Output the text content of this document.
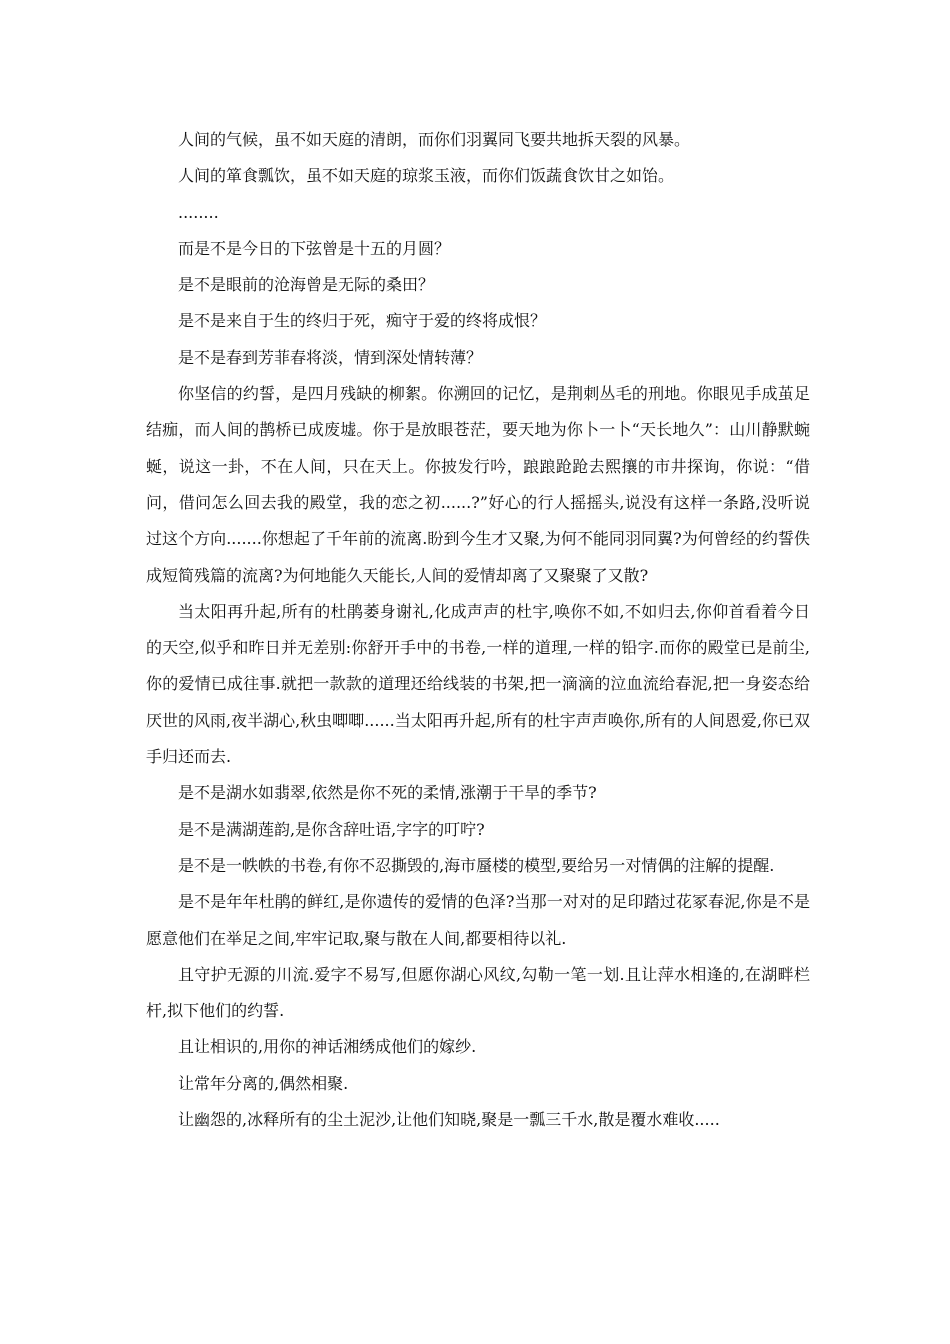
人间的气候，虽不如天庭的清朗，而你们羽翼同飞要共地拆天裂的风暴。

人间的箪食瓢饮，虽不如天庭的琼浆玉液，而你们饭蔬食饮甘之如饴。

........

而是不是今日的下弦曾是十五的月圆？

是不是眼前的沧海曾是无际的桑田？

是不是来自于生的终归于死，痴守于爱的终将成恨？

是不是春到芳菲春将淡，情到深处情转薄？

你坚信的约誓，是四月残缺的柳絮。你溯回的记忆，是荆刺丛毛的刑地。你眼见手成茧足结痂，而人间的鹊桥已成废墟。你于是放眼苍茫，要天地为你卜一卜“天长地久”：山川静默蜿蜒，说这一卦，不在人间，只在天上。你披发行吟，踉踉跄跄去熙攘的市井探询，你说：“借问，借问怎么回去我的殿堂，我的恋之初......?”好心的行人摇摇头,说没有这样一条路,没听说过这个方向.......你想起了千年前的流离.盼到今生才又聚,为何不能同羽同翼?为何曾经的约誓佚成短简残篇的流离?为何地能久天能长,人间的爱情却离了又聚聚了又散?

当太阳再升起,所有的杜鹃萎身谢礼,化成声声的杜宇,唤你不如,不如归去,你仰首看着今日的天空,似乎和昨日并无差别:你舒开手中的书卷,一样的道理,一样的铅字.而你的殿堂已是前尘,你的爱情已成往事.就把一款款的道理还给线装的书架,把一滴滴的泣血流给春泥,把一身姿态给厌世的风雨,夜半湖心,秋虫唧唧......当太阳再升起,所有的杜宇声声唤你,所有的人间恩爱,你已双手归还而去.

是不是湖水如翡翠,依然是你不死的柔情,涨潮于干旱的季节?

是不是满湖莲韵,是你含辞吐语,字字的叮咛?

是不是一帙帙的书卷,有你不忍撕毁的,海市蜃楼的模型,要给另一对情偶的注解的提醒.

是不是年年杜鹃的鲜红,是你遗传的爱情的色泽?当那一对对的足印踏过花冢春泥,你是不是愿意他们在举足之间,牢牢记取,聚与散在人间,都要相待以礼.

且守护无源的川流.爱字不易写,但愿你湖心风纹,勾勒一笔一划.且让萍水相逢的,在湖畔栏杆,拟下他们的约誓.

且让相识的,用你的神话湘绣成他们的嫁纱.

让常年分离的,偶然相聚.

让幽怨的,冰释所有的尘土泥沙,让他们知晓,聚是一瓢三千水,散是覆水难收.....
